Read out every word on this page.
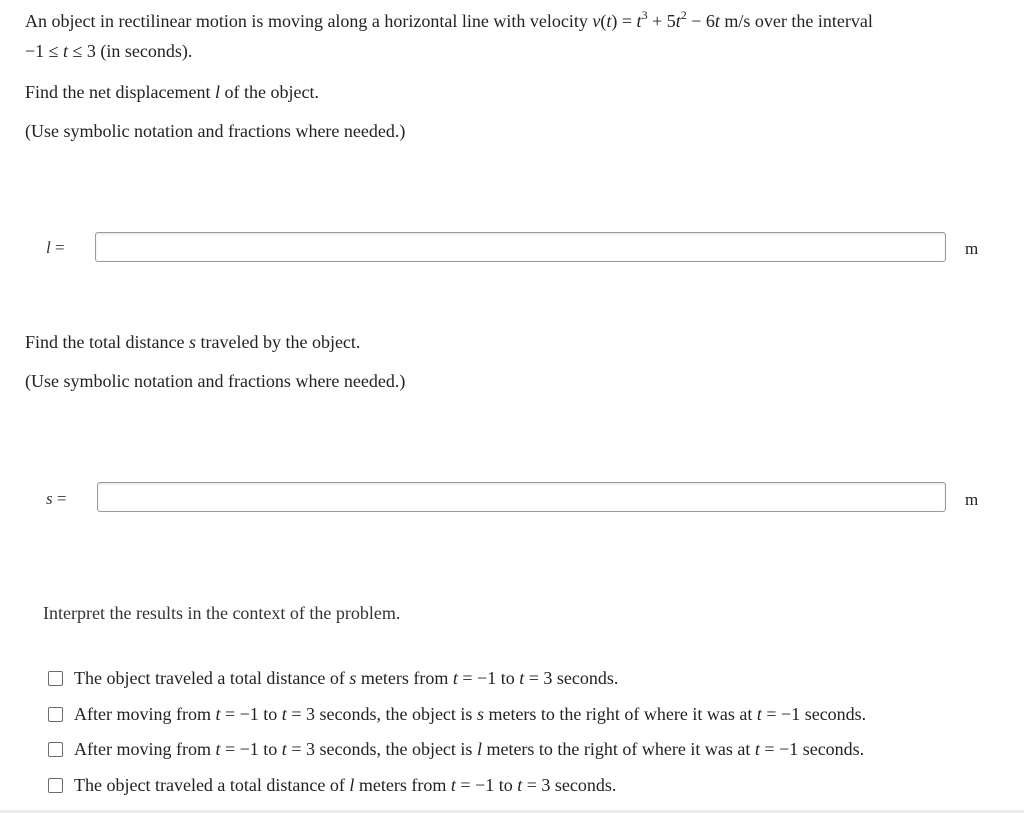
An object in rectilinear motion is moving along a horizontal line with velocity $v(t) = t^3 + 5t^2 - 6t$ m/s over the interval
−1 ≤ t ≤ 3 (in seconds).
Find the net displacement l of the object.
(Use symbolic notation and fractions where needed.)
l =	m
Find the total distance s traveled by the object.
(Use symbolic notation and fractions where needed.)
s =	m
Interpret the results in the context of the problem.
The object traveled a total distance of s meters from t = −1 to t = 3 seconds.
After moving from t = −1 to t = 3 seconds, the object is s meters to the right of where it was at t = −1 seconds.
After moving from t = −1 to t = 3 seconds, the object is l meters to the right of where it was at t = −1 seconds.
The object traveled a total distance of l meters from t = −1 to t = 3 seconds.
